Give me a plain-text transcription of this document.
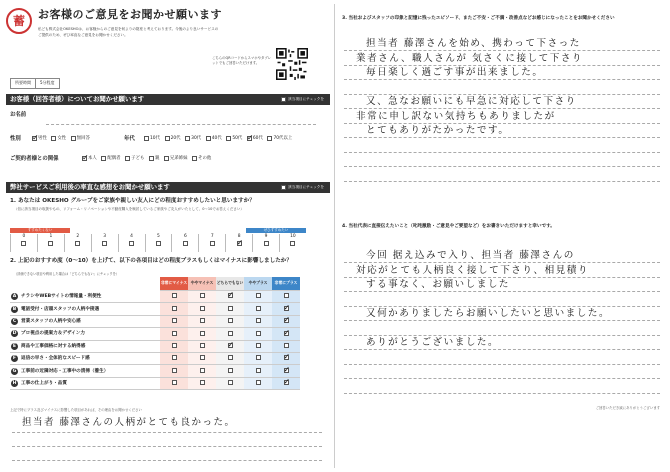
蓄 お客様のご意見をお聞かせ願います
私ども株式会社OKESHOは、お客様からのご意見を何よりの財産と考えております。今後のより良いサービスのご提供のため、ぜひ率直なご意見をお聞かせください。
こちらのQRコードからスマホやタブレットでもご回答いただけます。
所要時間	5分程度
お客様（回答者様）についてお聞かせ願います	該当項目にチェックを
お名前
性別 ✓	男性
女性
無回答	年代	10代
20代
30代
40代
50代
✓ 60代
70代以上
ご契約者様との関係 ✓	本人
配偶者
子ども
親
兄弟姉妹
その他
弊社サービスご利用後の率直な感想をお聞かせ願います	該当項目にチェックを
1. あなたは OKESHO グループをご家族や親しい友人にどの程度おすすめしたいと思いますか？
（信に該当項目の取扱やもの、リフォーム・リノベーションや不動産購入を検討しているご家族やご友人がいたとして、0〜10でお答えください）
すすめたくない	ぜひすすめたい
0	1	2	3	4	5	6	7	8
✓	9	10
2. 上記のおすすめ度（0〜10）を上げて、以下の各項目はどの程度プラスもしくはマイナスに影響しましたか？
（評価できない項目や利用した場合は「どちらでもない」にチェックを）

非常にマイナス	ややマイナス	どちらでもない	ややプラス	非常にプラス

A チラシやWEBサイトの情報量・利便性			✓		
B 電話受付・店頭スタッフの人柄や接遇					✓
C 営業スタッフの人柄や安心感					✓
D プロ視点の提案力＆デザイン力					✓
E 商品や工事価格に対する納得感			✓		
F 返信の早さ・全体的なスピード感					✓
G 工事前の近隣対応・工事中の清掃（養生）					✓
H 工事の仕上がり・品質					✓
上記で特にプラス及びマイナスに影響した項目があれば、その理由をお聞かせください
担当者 藤澤さんの人柄がとても良かった。
3. 当社およびスタッフの印象と記憶に残ったエピソード、またご不安・ご不満・改善点などお感じになったことをお聞かせください
担当者 藤澤さんを始め、携わって下さった
業者さん、職人さんが 気さくに接して下さり
毎日楽しく過ごす事が出来ました。
又、急なお願いにも早急に対応して下さり
非常に申し訳ない気持ちもありましたが
とてもありがたかったです。
4. 当社代表に直接伝えたいこと（叱咤激励・ご意見やご要望など）をお書きいただけますと幸いです。
今回 据え込みで入り、担当者 藤澤さんの
対応がとても人柄良く接して下さり、相見積り
する事なく、お願いしました
又何かありましたらお願いしたいと思いました。
ありがとうございました。
ご回答いただき誠にありがとうございます
